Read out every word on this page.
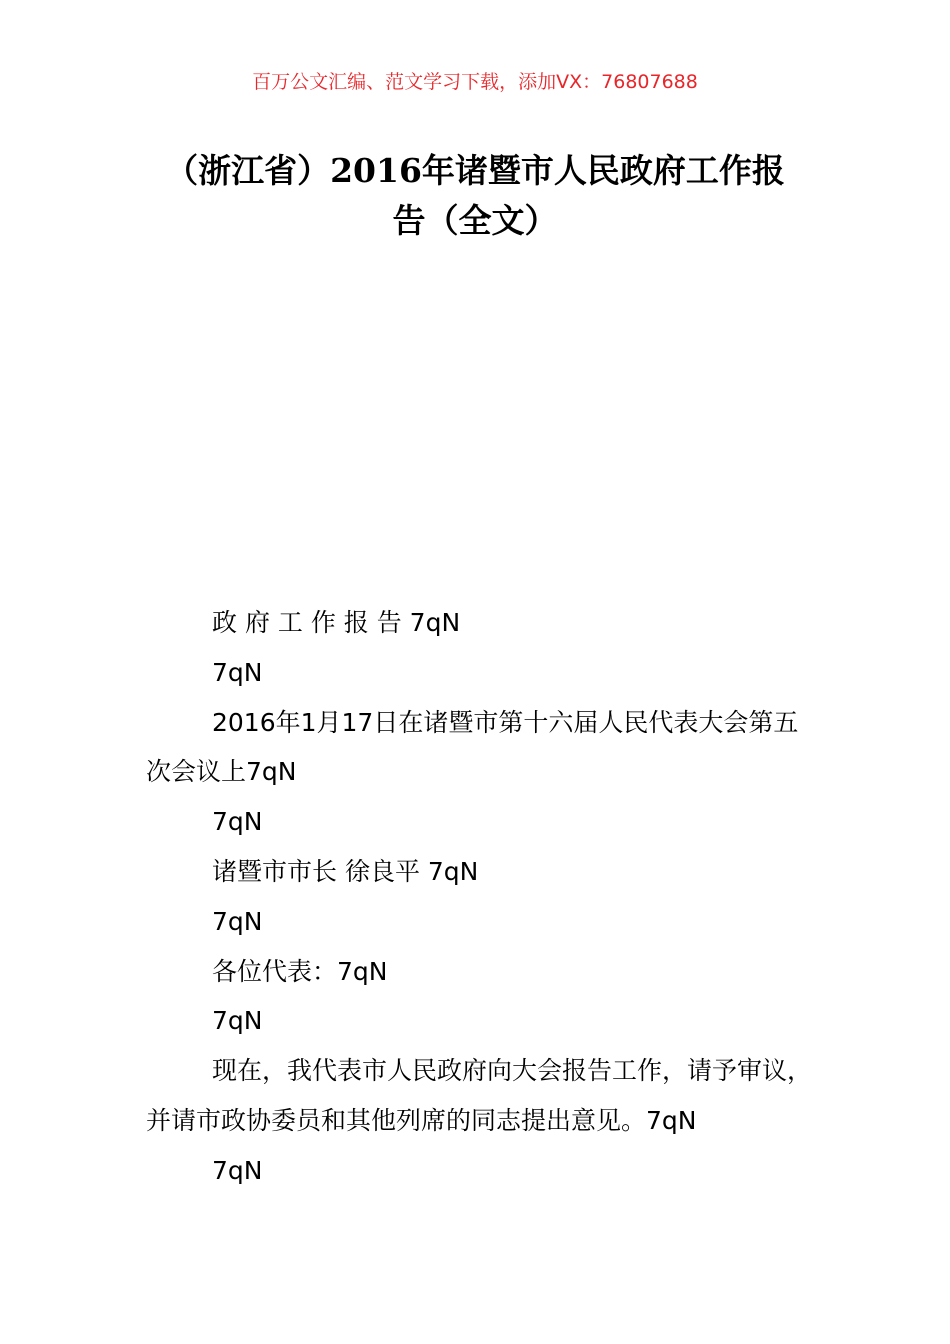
百万公文汇编、范文学习下载，添加VX：76807688
（浙江省）2016年诸暨市人民政府工作报
告（全文）

政 府 工 作 报 告 7qN

7qN

2016年1月17日在诸暨市第十六届人民代表大会第五次会议上7qN

7qN

诸暨市市长 徐良平 7qN

7qN

各位代表：7qN

7qN

现在，我代表市人民政府向大会报告工作，请予审议，并请市政协委员和其他列席的同志提出意见。7qN

7qN
